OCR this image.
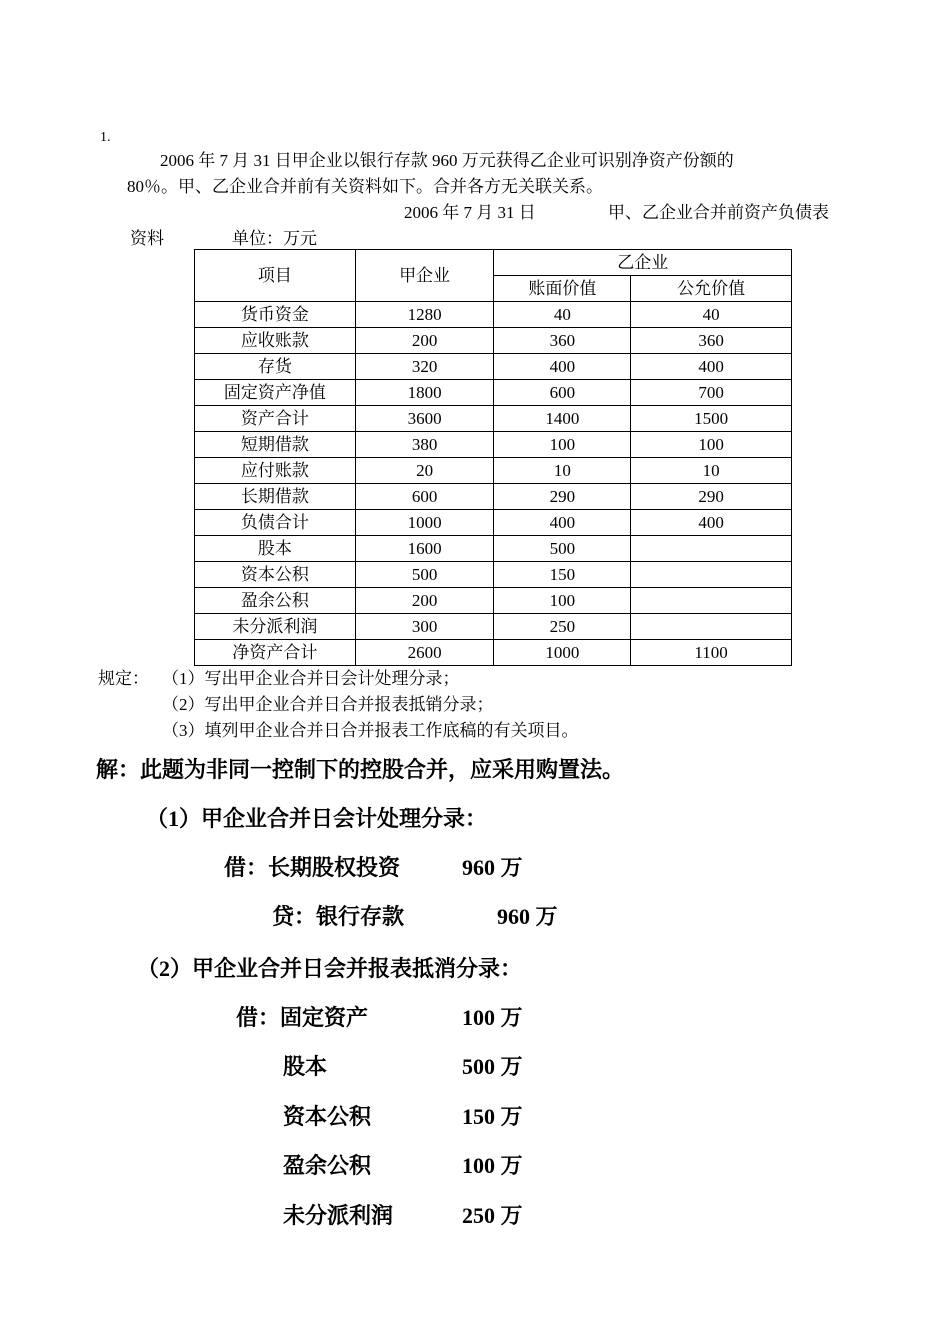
1.
2006 年 7 月 31 日甲企业以银行存款 960 万元获得乙企业可识别净资产份额的
80％。甲、乙企业合并前有关资料如下。合并各方无关联关系。
2006 年 7 月 31 日	甲、乙企业合并前资产负债表
资料	单位：万元
项目	甲企业	乙企业	
		账面价值	公允价值
货币资金	1280	40	40
应收账款	200	360	360
存货	320	400	400
固定资产净值	1800	600	700
资产合计	3600	1400	1500
短期借款	380	100	100
应付账款	20	10	10
长期借款	600	290	290
负债合计	1000	400	400
股本	1600	500	
资本公积	500	150	
盈余公积	200	100	
未分派利润	300	250	
净资产合计	2600	1000	1100
规定： （1）写出甲企业合并日会计处理分录；
（2）写出甲企业合并日合并报表抵销分录；
（3）填列甲企业合并日合并报表工作底稿的有关项目。
解：此题为非同一控制下的控股合并，应采用购置法。
（1）甲企业合并日会计处理分录：
借：长期股权投资	960 万
贷：银行存款	960 万
（2）甲企业合并日会并报表抵消分录：
借：固定资产	100 万
股本	500 万
资本公积	150 万
盈余公积	100 万
未分派利润	250 万
